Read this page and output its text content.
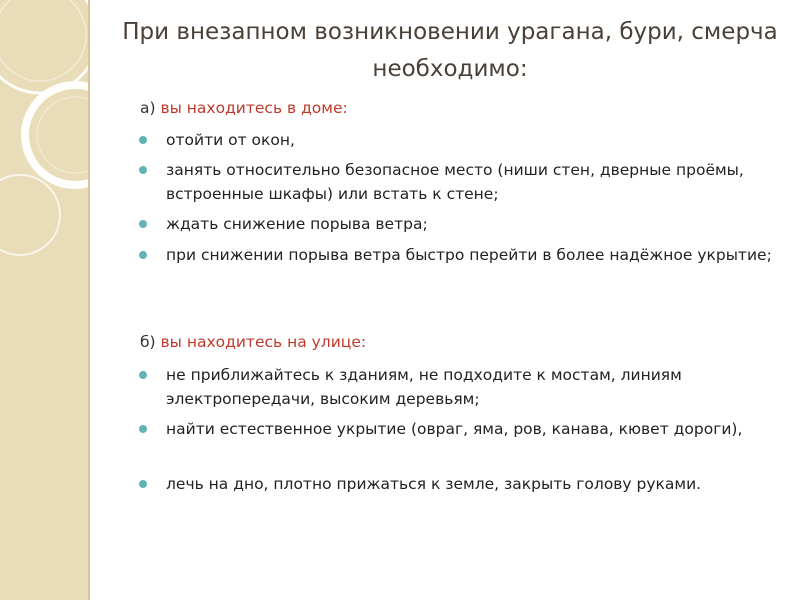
При внезапном возникновении урагана, бури, смерча необходимо:
а) вы находитесь в доме:
отойти от окон,
занять относительно безопасное место (ниши стен, дверные проёмы, встроенные шкафы) или встать к стене;
ждать снижение порыва ветра;
при снижении порыва ветра быстро перейти в более надёжное укрытие;
б) вы находитесь на улице:
не приближайтесь к зданиям, не подходите к мостам, линиям электропередачи, высоким деревьям;
найти естественное укрытие (овраг, яма, ров, канава, кювет дороги),
лечь на дно, плотно прижаться к земле, закрыть голову руками.
